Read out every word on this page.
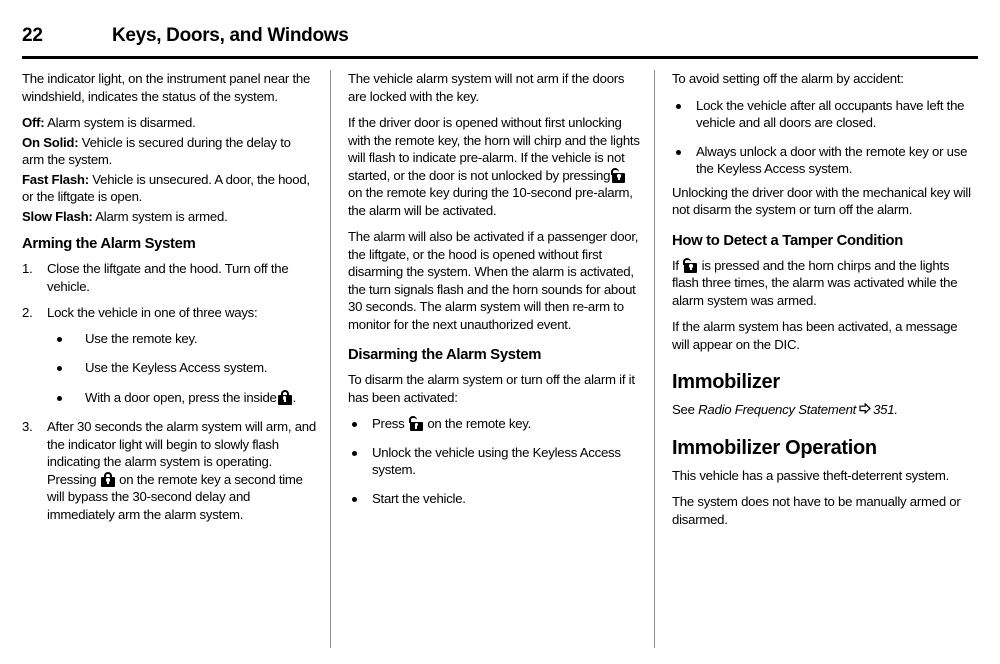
22	Keys, Doors, and Windows

The indicator light, on the instrument panel near the windshield, indicates the status of the system.

Off: Alarm system is disarmed.

On Solid: Vehicle is secured during the delay to arm the system.

Fast Flash: Vehicle is unsecured. A door, the hood, or the liftgate is open.

Slow Flash: Alarm system is armed.

Arming the Alarm System
1.	Close the liftgate and the hood. Turn off the vehicle.
2.	Lock the vehicle in one of three ways:
Use the remote key.
Use the Keyless Access system.
With a door open, press the inside .
3.	After 30 seconds the alarm system will arm, and the indicator light will begin to slowly flash indicating the alarm system is operating. Pressing on the remote key a second time will bypass the 30-second delay and immediately arm the alarm system.

The vehicle alarm system will not arm if the doors are locked with the key.

If the driver door is opened without first unlocking with the remote key, the horn will chirp and the lights will flash to indicate pre-alarm. If the vehicle is not started, or the door is not unlocked by pressing
on the remote key during the 10-second pre-alarm, the alarm will be activated.

The alarm will also be activated if a passenger door, the liftgate, or the hood is opened without first disarming the system. When the alarm is activated, the turn signals flash and the horn sounds for about 30 seconds. The alarm system will then re-arm to monitor for the next unauthorized event.

Disarming the Alarm System

To disarm the alarm system or turn off the alarm if it has been activated:

Press on the remote key.
Unlock the vehicle using the Keyless Access system.
Start the vehicle.

To avoid setting off the alarm by accident:

Lock the vehicle after all occupants have left the vehicle and all doors are closed.
Always unlock a door with the remote key or use the Keyless Access system.

Unlocking the driver door with the mechanical key will not disarm the system or turn off the alarm.

How to Detect a Tamper Condition

If is pressed and the horn chirps and the lights flash three times, the alarm was activated while the alarm system was armed.

If the alarm system has been activated, a message will appear on the DIC.

Immobilizer

See Radio Frequency Statement 351.

Immobilizer Operation

This vehicle has a passive theft-deterrent system.

The system does not have to be manually armed or disarmed.
